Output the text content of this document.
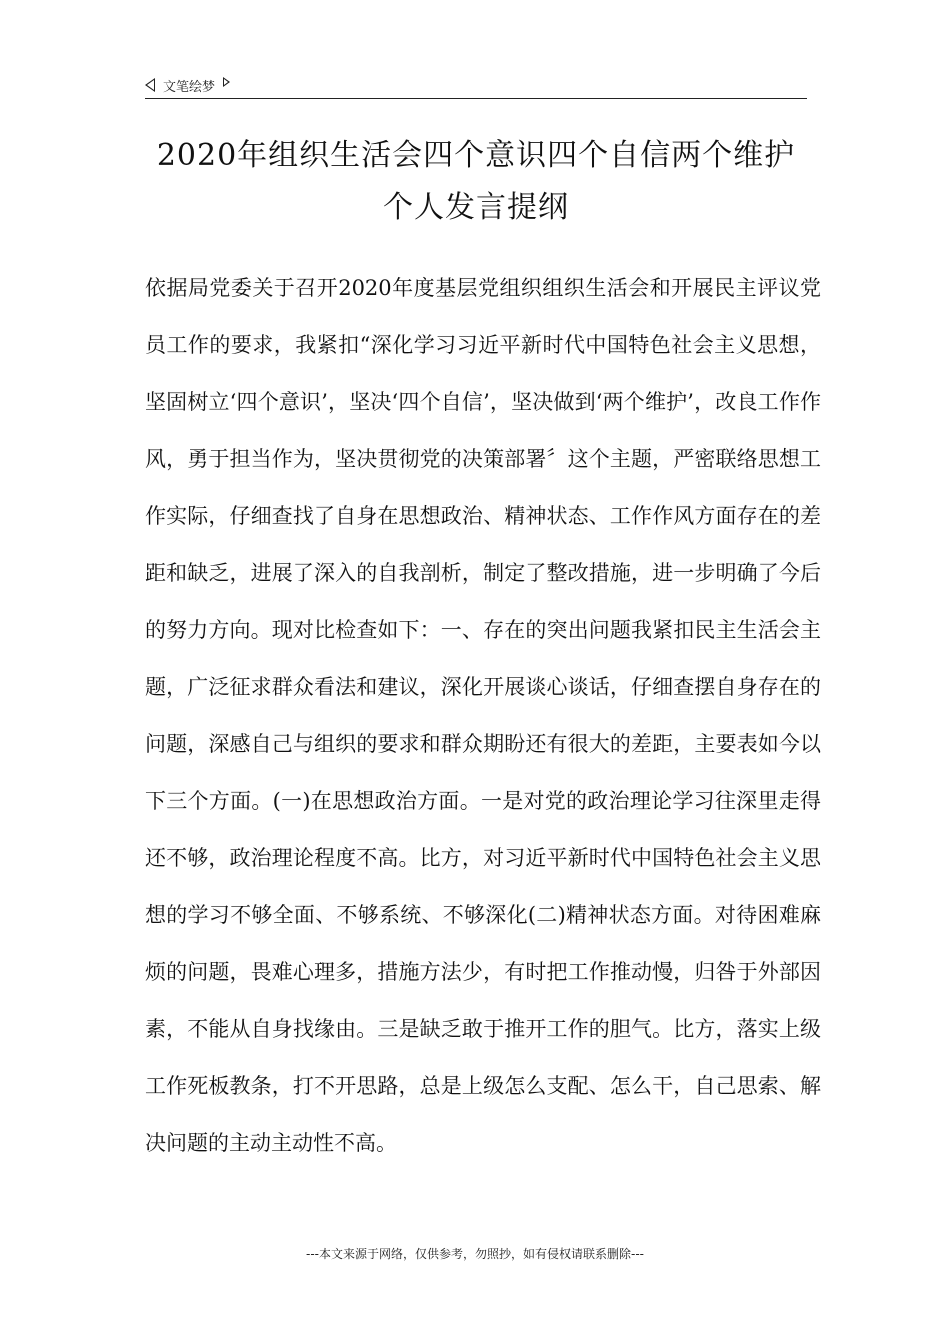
文笔绘梦
2020年组织生活会四个意识四个自信两个维护个人发言提纲

依据局党委关于召开2020年度基层党组织组织生活会和开展民主评议党员工作的要求，我紧扣“深化学习习近平新时代中国特色社会主义思想，坚固树立‘四个意识’，坚决‘四个自信’，坚决做到‘两个维护’，改良工作作风，勇于担当作为，坚决贯彻党的决策部署〞这个主题，严密联络思想工作实际，仔细查找了自身在思想政治、精神状态、工作作风方面存在的差距和缺乏，进展了深入的自我剖析，制定了整改措施，进一步明确了今后的努力方向。现对比检查如下：一、存在的突出问题我紧扣民主生活会主题，广泛征求群众看法和建议，深化开展谈心谈话，仔细查摆自身存在的问题，深感自己与组织的要求和群众期盼还有很大的差距，主要表如今以下三个方面。(一)在思想政治方面。一是对党的政治理论学习往深里走得还不够，政治理论程度不高。比方，对习近平新时代中国特色社会主义思想的学习不够全面、不够系统、不够深化(二)精神状态方面。对待困难麻烦的问题，畏难心理多，措施方法少，有时把工作推动慢，归咎于外部因素，不能从自身找缘由。三是缺乏敢于推开工作的胆气。比方，落实上级工作死板教条，打不开思路，总是上级怎么支配、怎么干，自己思索、解决问题的主动主动性不高。

---本文来源于网络，仅供参考，勿照抄，如有侵权请联系删除---
